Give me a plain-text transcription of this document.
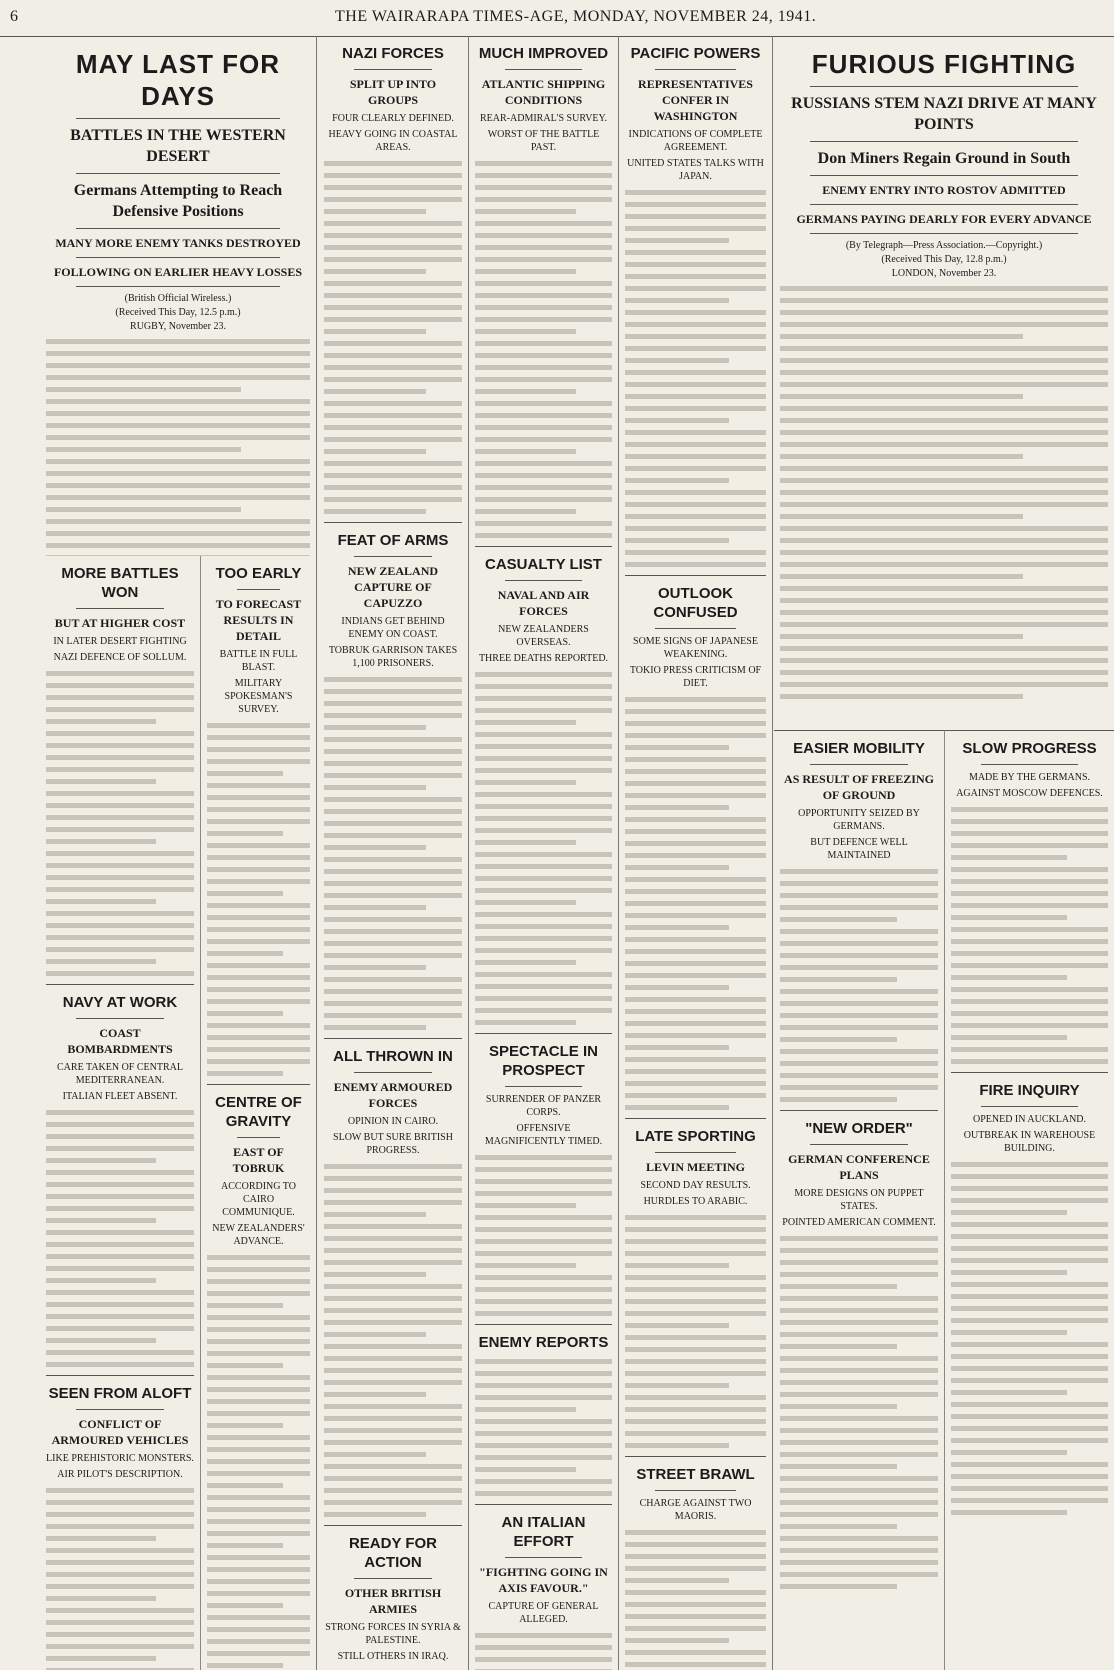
6	THE WAIRARAPA TIMES-AGE, MONDAY, NOVEMBER 24, 1941.
MAY LAST FOR DAYS
BATTLES IN THE WESTERN DESERT
Germans Attempting to Reach Defensive Positions
MANY MORE ENEMY TANKS DESTROYED
FOLLOWING ON EARLIER HEAVY LOSSES
(British Official Wireless.)
(Received This Day, 12.5 p.m.)
RUGBY, November 23.
MORE BATTLES WON
BUT AT HIGHER COST
IN LATER DESERT FIGHTING
NAZI DEFENCE OF SOLLUM.
NAVY AT WORK
COAST BOMBARDMENTS
CARE TAKEN OF CENTRAL MEDITERRANEAN.
ITALIAN FLEET ABSENT.
SEEN FROM ALOFT
CONFLICT OF ARMOURED VEHICLES
LIKE PREHISTORIC MONSTERS.
AIR PILOT'S DESCRIPTION.
TOO EARLY
TO FORECAST RESULTS IN DETAIL
BATTLE IN FULL BLAST.
MILITARY SPOKESMAN'S SURVEY.
CENTRE OF GRAVITY
EAST OF TOBRUK
ACCORDING TO CAIRO COMMUNIQUE.
NEW ZEALANDERS' ADVANCE.
NAZI FORCES
SPLIT UP INTO GROUPS
FOUR CLEARLY DEFINED.
HEAVY GOING IN COASTAL AREAS.
FEAT OF ARMS
NEW ZEALAND CAPTURE OF CAPUZZO
INDIANS GET BEHIND ENEMY ON COAST.
TOBRUK GARRISON TAKES 1,100 PRISONERS.
ALL THROWN IN
ENEMY ARMOURED FORCES
OPINION IN CAIRO.
SLOW BUT SURE BRITISH PROGRESS.
READY FOR ACTION
OTHER BRITISH ARMIES
STRONG FORCES IN SYRIA & PALESTINE.
STILL OTHERS IN IRAQ.
MUCH IMPROVED
ATLANTIC SHIPPING CONDITIONS
REAR-ADMIRAL'S SURVEY.
WORST OF THE BATTLE PAST.
CASUALTY LIST
NAVAL AND AIR FORCES
NEW ZEALANDERS OVERSEAS.
THREE DEATHS REPORTED.
SPECTACLE IN PROSPECT
SURRENDER OF PANZER CORPS.
OFFENSIVE MAGNIFICENTLY TIMED.
ENEMY REPORTS
AN ITALIAN EFFORT
"FIGHTING GOING IN AXIS FAVOUR."
CAPTURE OF GENERAL ALLEGED.
PACIFIC POWERS
REPRESENTATIVES CONFER IN WASHINGTON
INDICATIONS OF COMPLETE AGREEMENT.
UNITED STATES TALKS WITH JAPAN.
OUTLOOK CONFUSED
SOME SIGNS OF JAPANESE WEAKENING.
TOKIO PRESS CRITICISM OF DIET.
LATE SPORTING
LEVIN MEETING
SECOND DAY RESULTS.
HURDLES TO ARABIC.
STREET BRAWL
CHARGE AGAINST TWO MAORIS.
FURIOUS FIGHTING
RUSSIANS STEM NAZI DRIVE AT MANY POINTS
Don Miners Regain Ground in South
ENEMY ENTRY INTO ROSTOV ADMITTED
GERMANS PAYING DEARLY FOR EVERY ADVANCE
(By Telegraph—Press Association.—Copyright.)
(Received This Day, 12.8 p.m.)
LONDON, November 23.
EASIER MOBILITY
AS RESULT OF FREEZING OF GROUND
OPPORTUNITY SEIZED BY GERMANS.
BUT DEFENCE WELL MAINTAINED
"NEW ORDER"
GERMAN CONFERENCE PLANS
MORE DESIGNS ON PUPPET STATES.
POINTED AMERICAN COMMENT.
SLOW PROGRESS
MADE BY THE GERMANS.
AGAINST MOSCOW DEFENCES.
FIRE INQUIRY
OPENED IN AUCKLAND.
OUTBREAK IN WAREHOUSE BUILDING.
